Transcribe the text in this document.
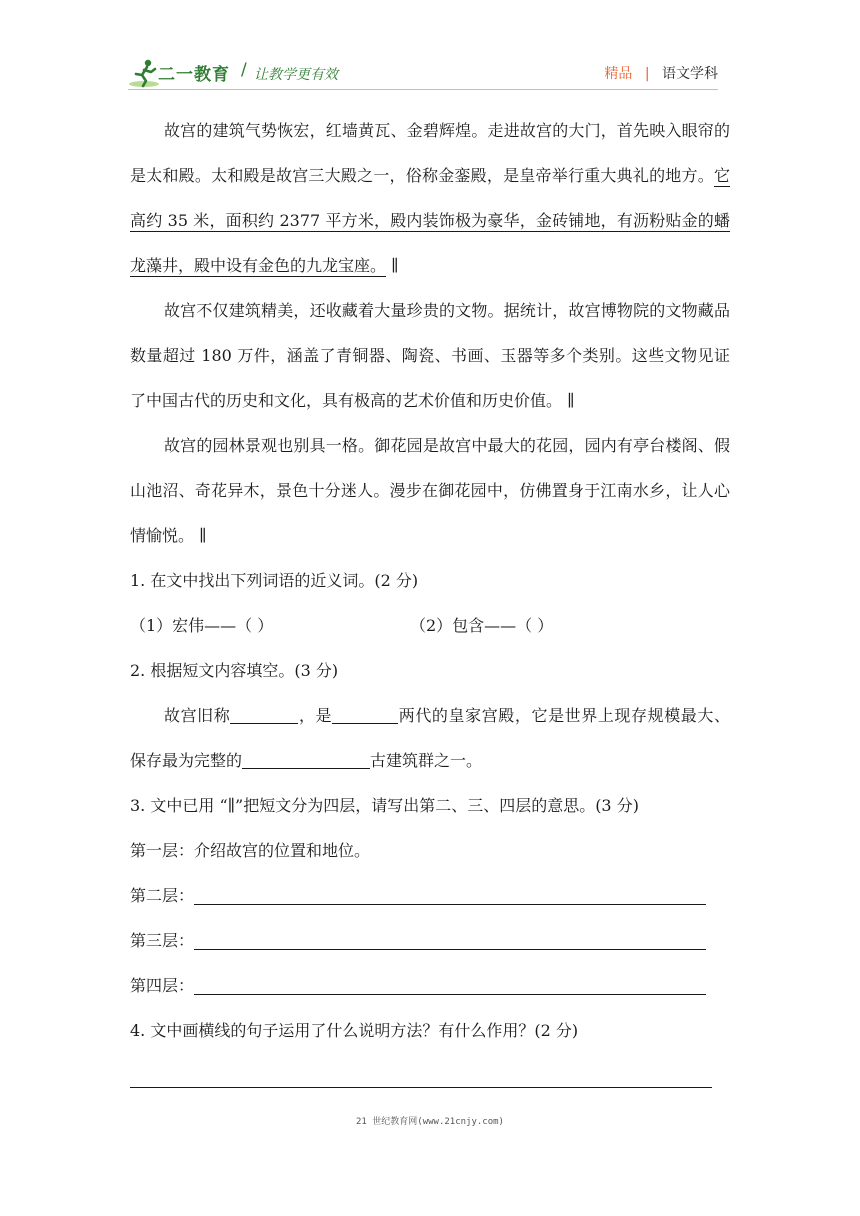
二一教育 / 让教学更有效	精品 | 语文学科

故宫的建筑气势恢宏，红墙黄瓦、金碧辉煌。走进故宫的大门，首先映入眼帘的是太和殿。太和殿是故宫三大殿之一，俗称金銮殿，是皇帝举行重大典礼的地方。它高约 35 米，面积约 2377 平方米，殿内装饰极为豪华，金砖铺地，有沥粉贴金的蟠龙藻井，殿中设有金色的九龙宝座。 ∥

故宫不仅建筑精美，还收藏着大量珍贵的文物。据统计，故宫博物院的文物藏品数量超过 180 万件，涵盖了青铜器、陶瓷、书画、玉器等多个类别。这些文物见证了中国古代的历史和文化，具有极高的艺术价值和历史价值。 ∥

故宫的园林景观也别具一格。御花园是故宫中最大的花园，园内有亭台楼阁、假山池沼、奇花异木，景色十分迷人。漫步在御花园中，仿佛置身于江南水乡，让人心情愉悦。 ∥

1. 在文中找出下列词语的近义词。(2 分)

（1）宏伟——（ ）	（2）包含——（ ）

2. 根据短文内容填空。(3 分)

故宫旧称	，是	两代的皇家宫殿，它是世界上现存规模最大、保存最为完整的	古建筑群之一。

3. 文中已用 “∥”把短文分为四层，请写出第二、三、四层的意思。(3 分)

第一层：介绍故宫的位置和地位。

第二层：

第三层：

第四层：

4. 文中画横线的句子运用了什么说明方法？有什么作用？(2 分)

21 世纪教育网(www.21cnjy.com)
